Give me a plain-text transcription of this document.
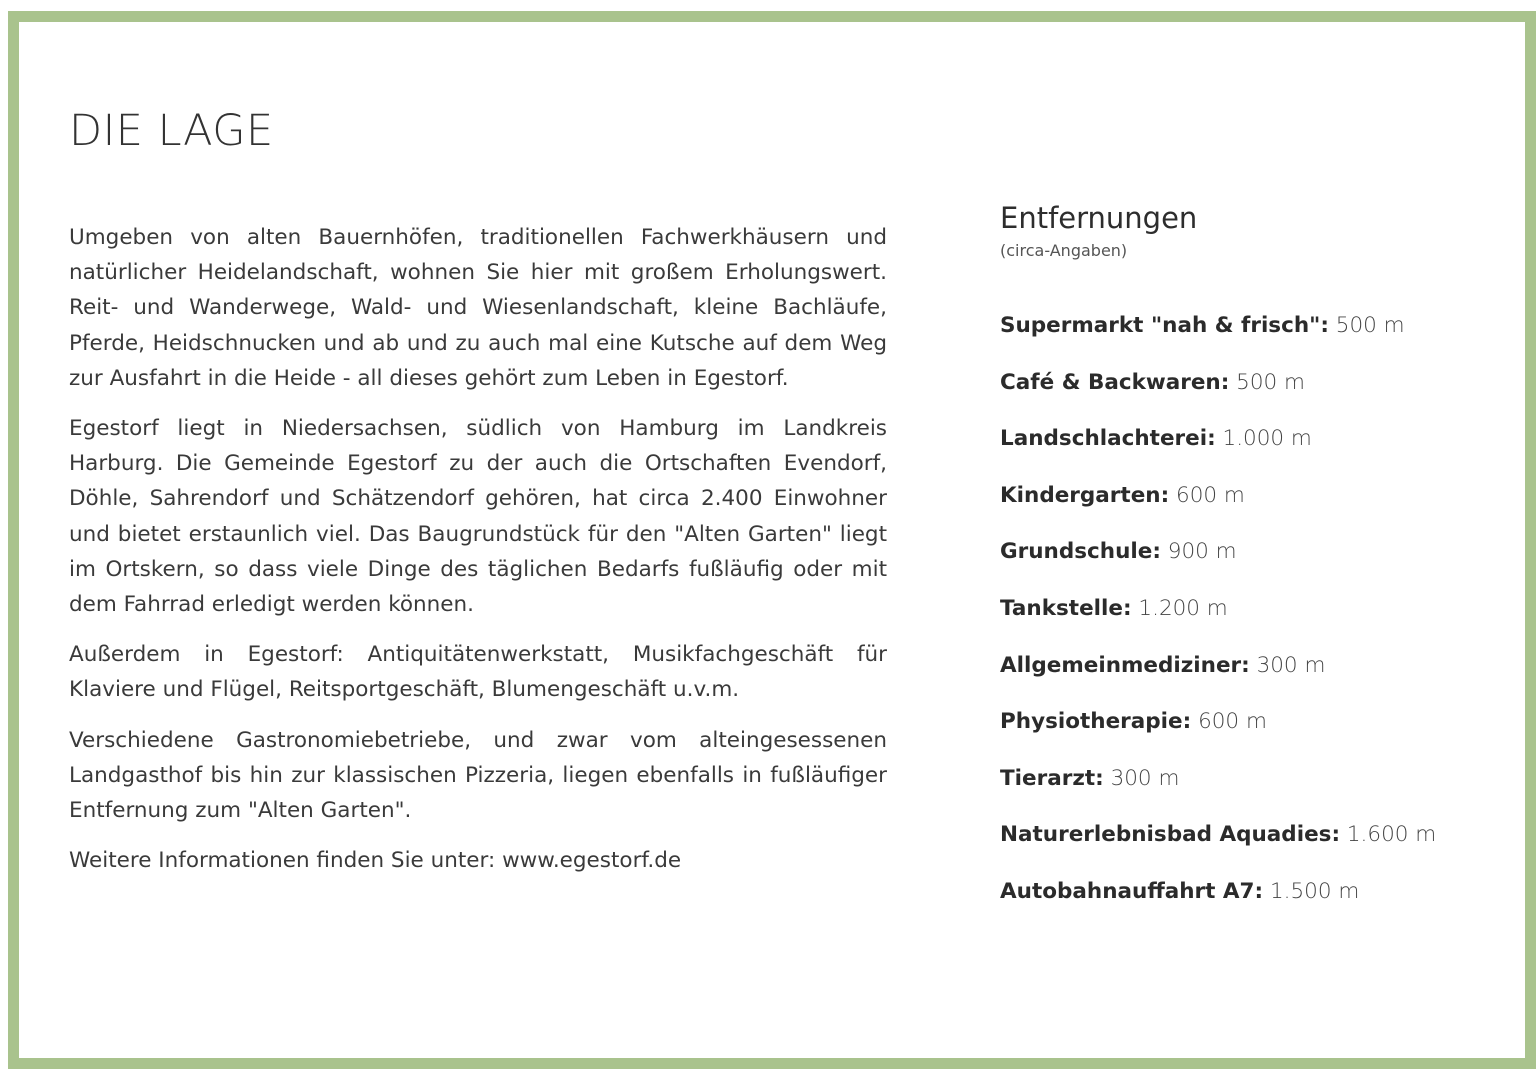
DIE LAGE

Umgeben von alten Bauernhöfen, traditionellen Fachwerkhäusern und natürlicher Heidelandschaft, wohnen Sie hier mit großem Erholungswert. Reit- und Wanderwege, Wald- und Wiesenlandschaft, kleine Bachläufe, Pferde, Heidschnucken und ab und zu auch mal eine Kutsche auf dem Weg zur Ausfahrt in die Heide - all dieses gehört zum Leben in Egestorf.

Egestorf liegt in Niedersachsen, südlich von Hamburg im Landkreis Harburg. Die Gemeinde Egestorf zu der auch die Ortschaften Evendorf, Döhle, Sahrendorf und Schätzendorf gehören, hat circa 2.400 Einwohner und bietet erstaunlich viel. Das Baugrundstück für den "Alten Garten" liegt im Ortskern, so dass viele Dinge des täglichen Bedarfs fußläufig oder mit dem Fahrrad erledigt werden können.

Außerdem in Egestorf: Antiquitätenwerkstatt, Musikfachgeschäft für Klaviere und Flügel, Reitsportgeschäft, Blumengeschäft u.v.m.

Verschiedene Gastronomiebetriebe, und zwar vom alteingesessenen Landgasthof bis hin zur klassischen Pizzeria, liegen ebenfalls in fußläufiger Entfernung zum "Alten Garten".

Weitere Informationen finden Sie unter: www.egestorf.de

Entfernungen

(circa-Angaben)

Supermarkt "nah & frisch": 500 m
Café & Backwaren: 500 m
Landschlachterei: 1.000 m
Kindergarten: 600 m
Grundschule: 900 m
Tankstelle: 1.200 m
Allgemeinmediziner: 300 m
Physiotherapie: 600 m
Tierarzt: 300 m
Naturerlebnisbad Aquadies: 1.600 m
Autobahnauffahrt A7: 1.500 m
